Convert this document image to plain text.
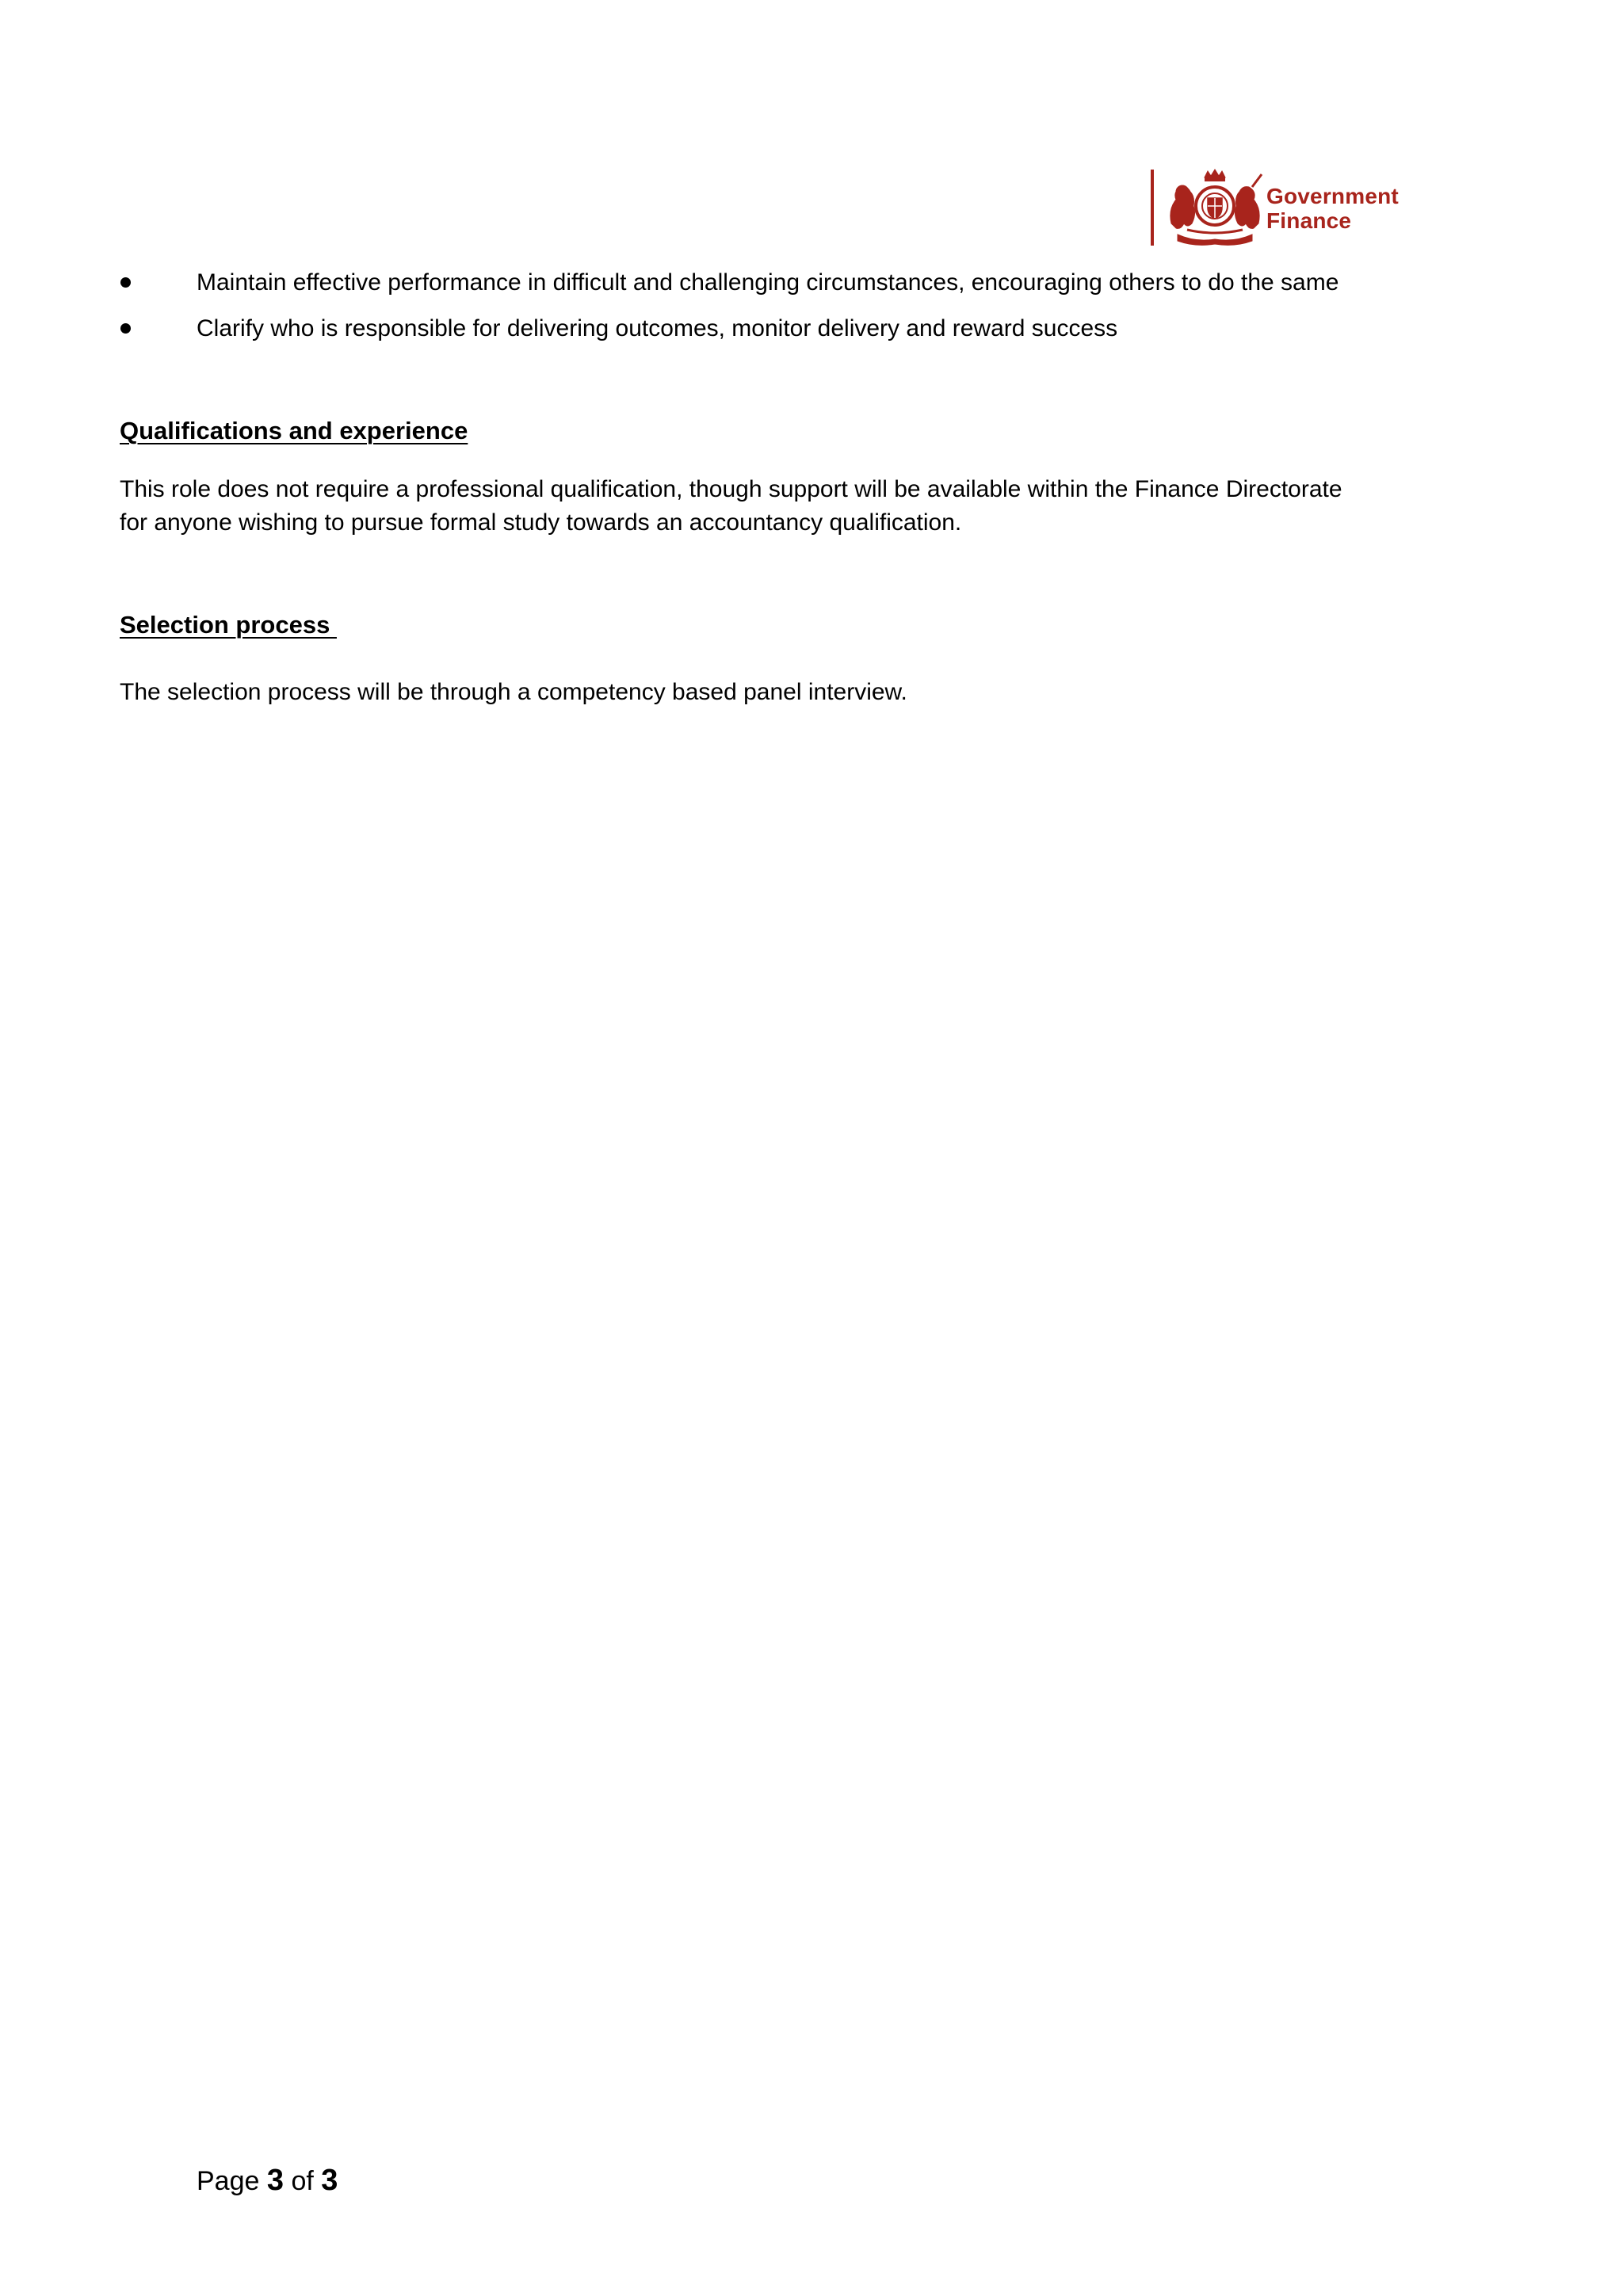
Government
Finance
Maintain effective performance in difficult and challenging circumstances, encouraging others to do the same
Clarify who is responsible for delivering outcomes, monitor delivery and reward success
Qualifications and experience
This role does not require a professional qualification, though support will be available within the Finance Directorate
for anyone wishing to pursue formal study towards an accountancy qualification.
Selection process
The selection process will be through a competency based panel interview.
Page 3 of 3
